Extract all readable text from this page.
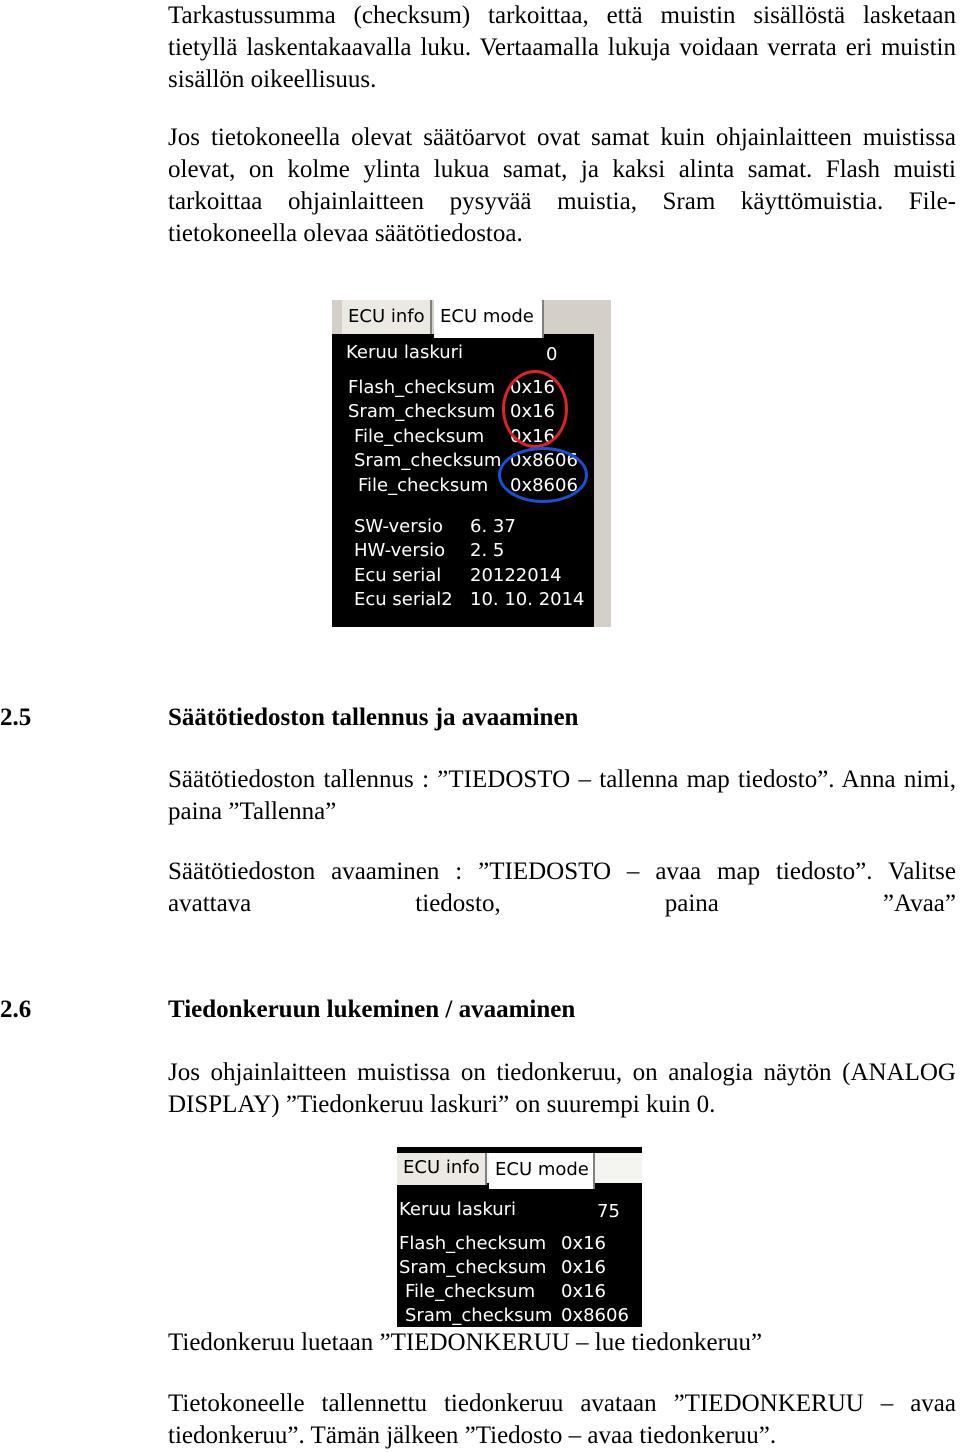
Tarkastussumma (checksum) tarkoittaa, että muistin sisällöstä lasketaan tietyllä laskentakaavalla luku. Vertaamalla lukuja voidaan verrata eri muistin sisällön oikeellisuus.

Jos tietokoneella olevat säätöarvot ovat samat kuin ohjainlaitteen muistissa olevat, on kolme ylinta lukua samat, ja kaksi alinta samat. Flash muisti tarkoittaa ohjainlaitteen pysyvää muistia, Sram käyttömuistia. File- tietokoneella olevaa säätötiedostoa.

ECU info ECU mode
Keruu laskuri	0
Flash_checksum 0x16
Sram_checksum 0x16
File_checksum 0x16
Sram_checksum 0x8606
File_checksum 0x8606
SW-versio 6. 37
HW-versio 2. 5
Ecu serial 20122014
Ecu serial2 10. 10. 2014
2.5	Säätötiedoston tallennus ja avaaminen

Säätötiedoston tallennus : ”TIEDOSTO – tallenna map tiedosto”. Anna nimi, paina ”Tallenna”

Säätötiedoston avaaminen : ”TIEDOSTO – avaa map tiedosto”. Valitse avattava tiedosto, paina ”Avaa”

2.6	Tiedonkeruun lukeminen / avaaminen

Jos ohjainlaitteen muistissa on tiedonkeruu, on analogia näytön (ANALOG DISPLAY) ”Tiedonkeruu laskuri” on suurempi kuin 0.

ECU info ECU mode
Keruu laskuri	75
Flash_checksum 0x16
Sram_checksum 0x16
File_checksum 0x16
Sram_checksum 0x8606

Tiedonkeruu luetaan ”TIEDONKERUU – lue tiedonkeruu”

Tietokoneelle tallennettu tiedonkeruu avataan ”TIEDONKERUU – avaa tiedonkeruu”. Tämän jälkeen ”Tiedosto – avaa tiedonkeruu”.
